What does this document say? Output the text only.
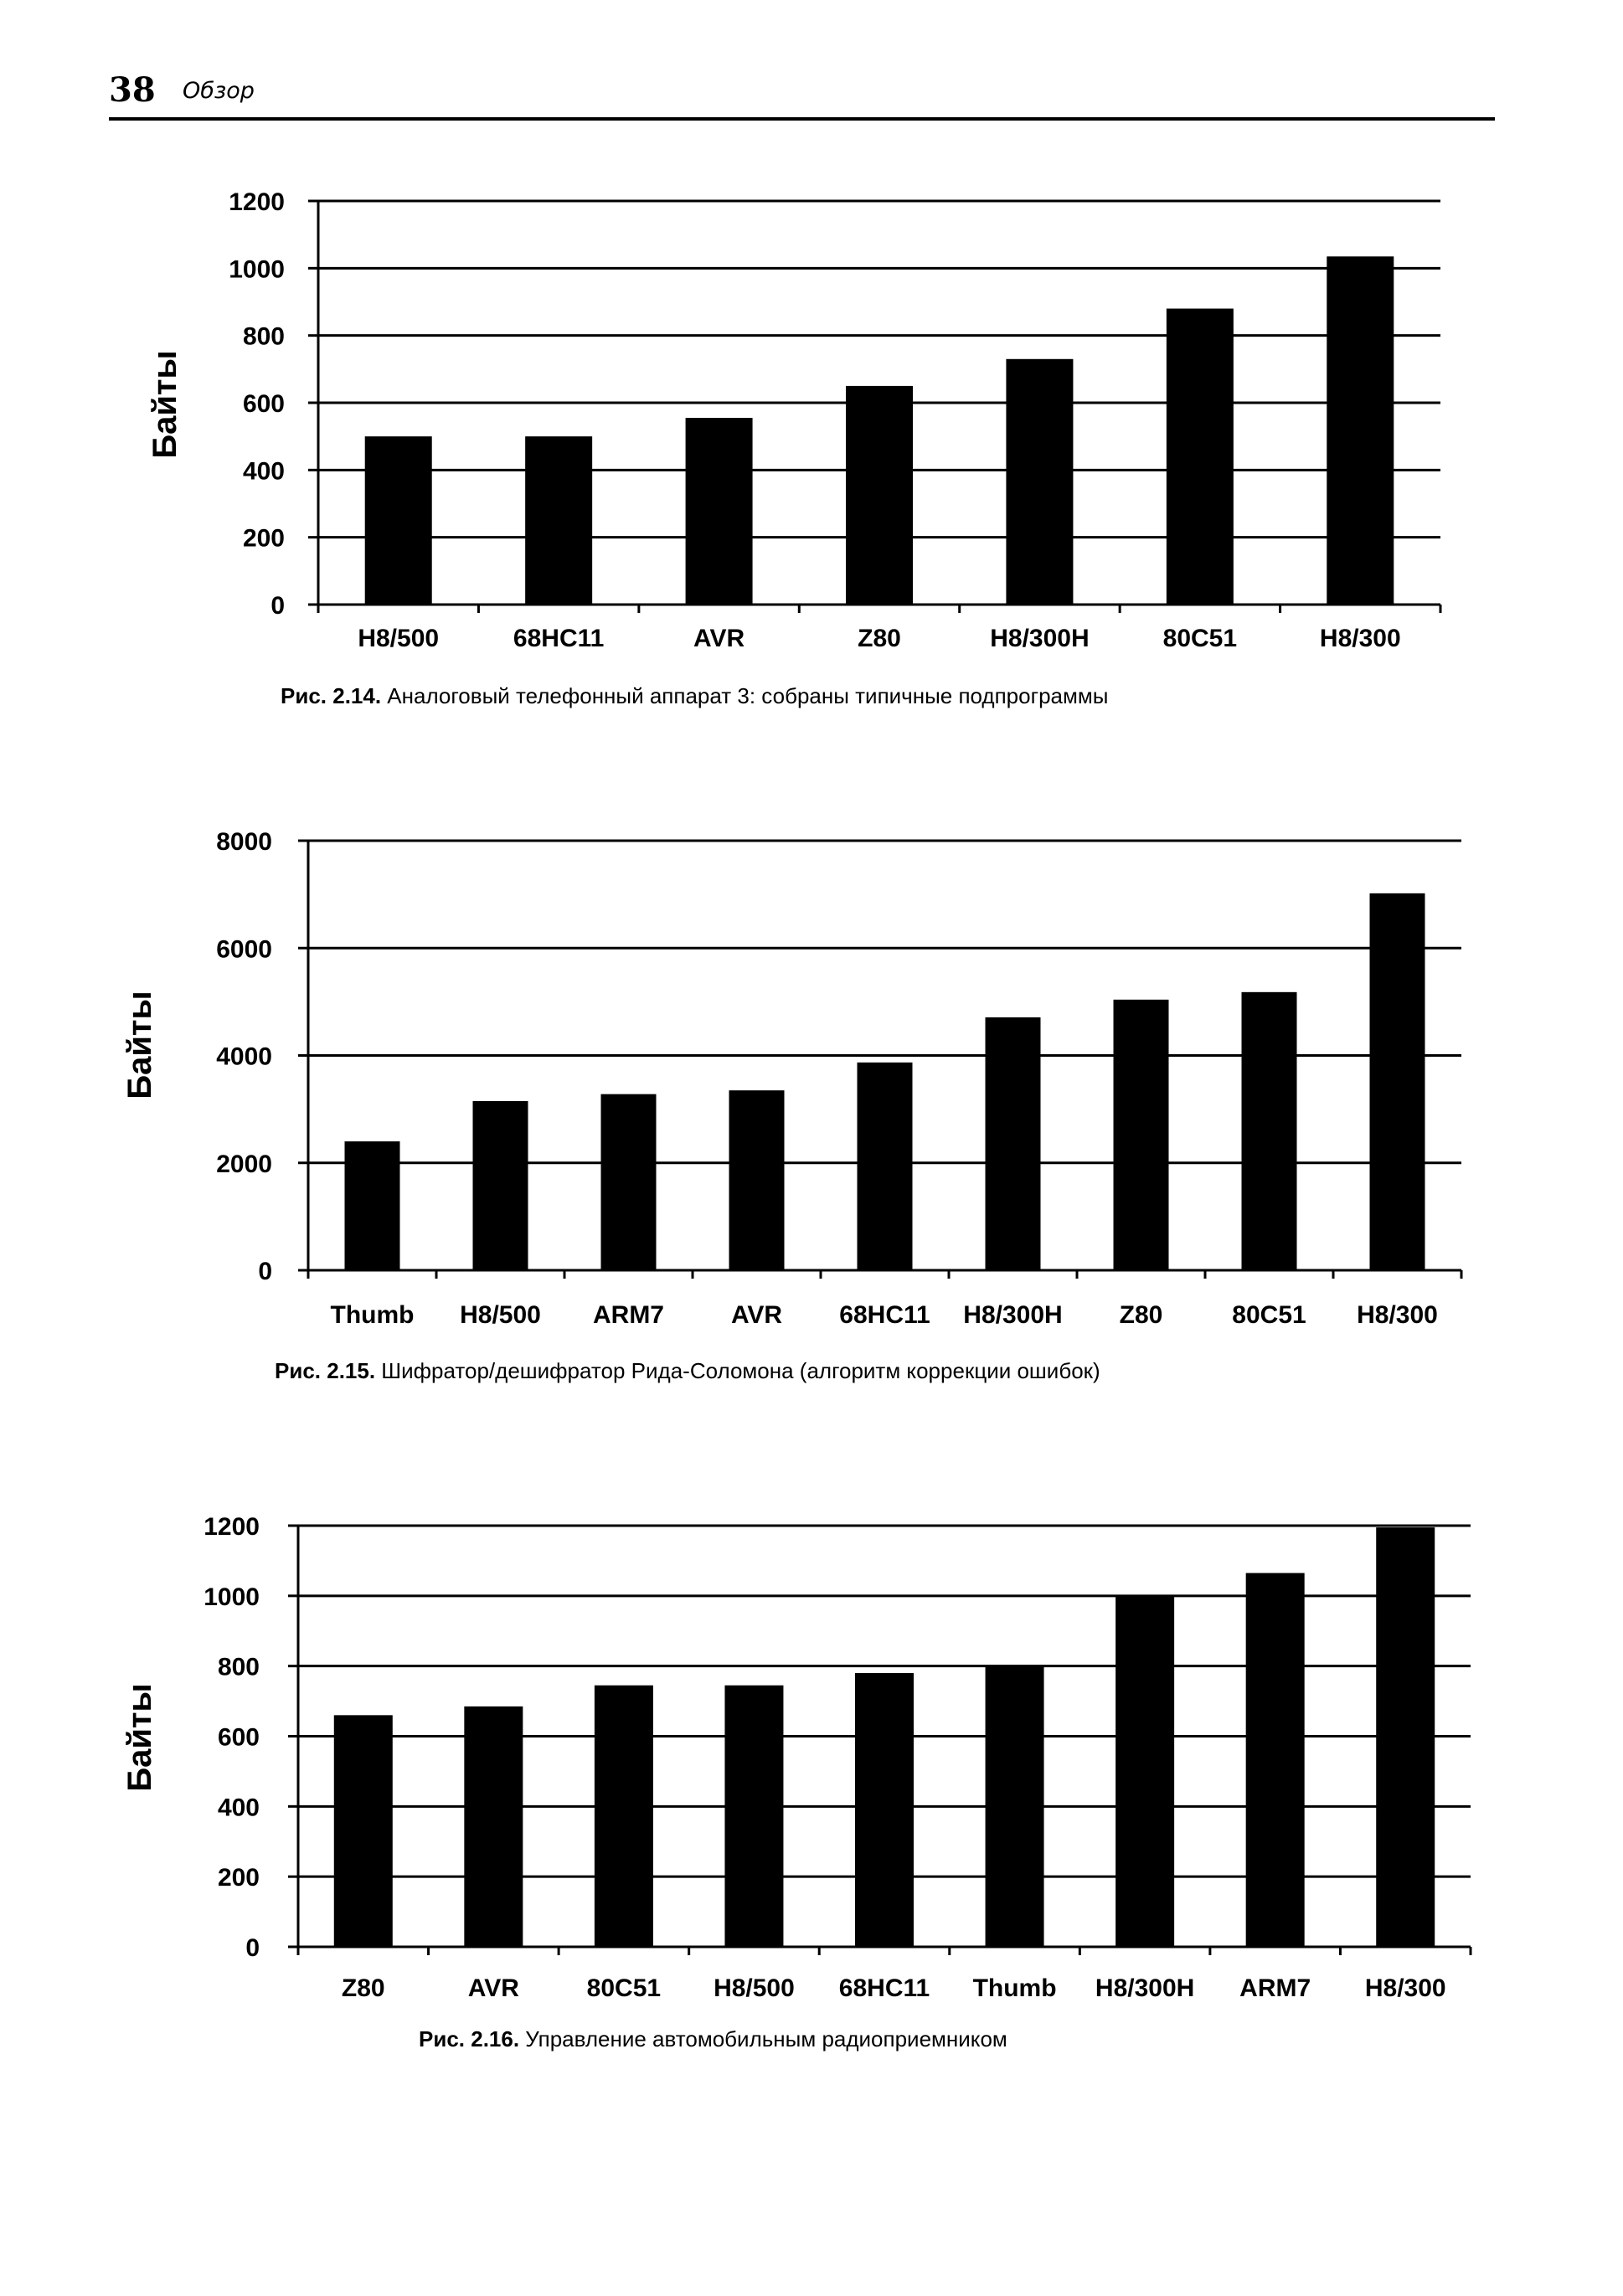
38 Обзор
0
200
400
600
800
1000
1200
H8/500	68HC11	AVR	Z80	H8/300H	80C51	H8/300
Байты
Рис. 2.14. Аналоговый телефонный аппарат 3: собраны типичные подпрограммы
0
2000
4000
6000
8000
Thumb H8/500 ARM7	AVR 68HC11 H8/300H Z80	80C51 H8/300
Байты
Рис. 2.15. Шифратор/дешифратор Рида-Соломона (алгоритм коррекции ошибок)
0
200
400
600
800
1000
1200
Z80	AVR	80C51 H8/500 68HC11 Thumb H8/300H ARM7 H8/300
Байты
Рис. 2.16. Управление автомобильным радиоприемником
